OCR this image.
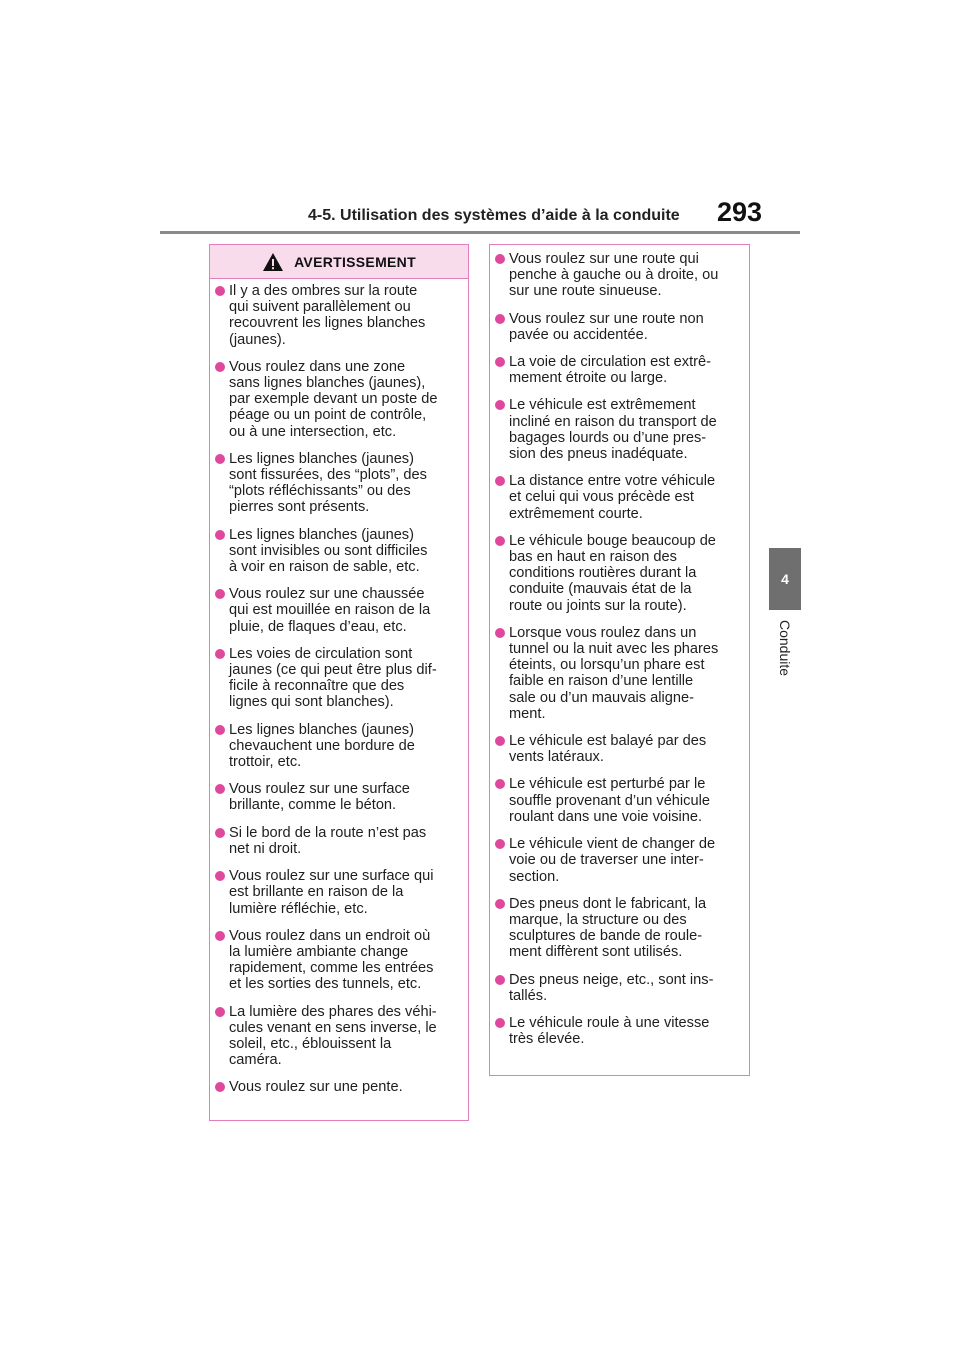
4-5. Utilisation des systèmes d’aide à la conduite 293
4
Conduite
AVERTISSEMENT
Il y a des ombres sur la route
qui suivent parallèlement ou
recouvrent les lignes blanches
(jaunes).
Vous roulez dans une zone
sans lignes blanches (jaunes),
par exemple devant un poste de
péage ou un point de contrôle,
ou à une intersection, etc.
Les lignes blanches (jaunes)
sont fissurées, des “plots”, des
“plots réfléchissants” ou des
pierres sont présents.
Les lignes blanches (jaunes)
sont invisibles ou sont difficiles
à voir en raison de sable, etc.
Vous roulez sur une chaussée
qui est mouillée en raison de la
pluie, de flaques d’eau, etc.
Les voies de circulation sont
jaunes (ce qui peut être plus dif-
ficile à reconnaître que des
lignes qui sont blanches).
Les lignes blanches (jaunes)
chevauchent une bordure de
trottoir, etc.
Vous roulez sur une surface
brillante, comme le béton.
Si le bord de la route n’est pas
net ni droit.
Vous roulez sur une surface qui
est brillante en raison de la
lumière réfléchie, etc.
Vous roulez dans un endroit où
la lumière ambiante change
rapidement, comme les entrées
et les sorties des tunnels, etc.
La lumière des phares des véhi-
cules venant en sens inverse, le
soleil, etc., éblouissent la
caméra.
Vous roulez sur une pente.
Vous roulez sur une route qui
penche à gauche ou à droite, ou
sur une route sinueuse.
Vous roulez sur une route non
pavée ou accidentée.
La voie de circulation est extrê-
mement étroite ou large.
Le véhicule est extrêmement
incliné en raison du transport de
bagages lourds ou d’une pres-
sion des pneus inadéquate.
La distance entre votre véhicule
et celui qui vous précède est
extrêmement courte.
Le véhicule bouge beaucoup de
bas en haut en raison des
conditions routières durant la
conduite (mauvais état de la
route ou joints sur la route).
Lorsque vous roulez dans un
tunnel ou la nuit avec les phares
éteints, ou lorsqu’un phare est
faible en raison d’une lentille
sale ou d’un mauvais aligne-
ment.
Le véhicule est balayé par des
vents latéraux.
Le véhicule est perturbé par le
souffle provenant d’un véhicule
roulant dans une voie voisine.
Le véhicule vient de changer de
voie ou de traverser une inter-
section.
Des pneus dont le fabricant, la
marque, la structure ou des
sculptures de bande de roule-
ment diffèrent sont utilisés.
Des pneus neige, etc., sont ins-
tallés.
Le véhicule roule à une vitesse
très élevée.
